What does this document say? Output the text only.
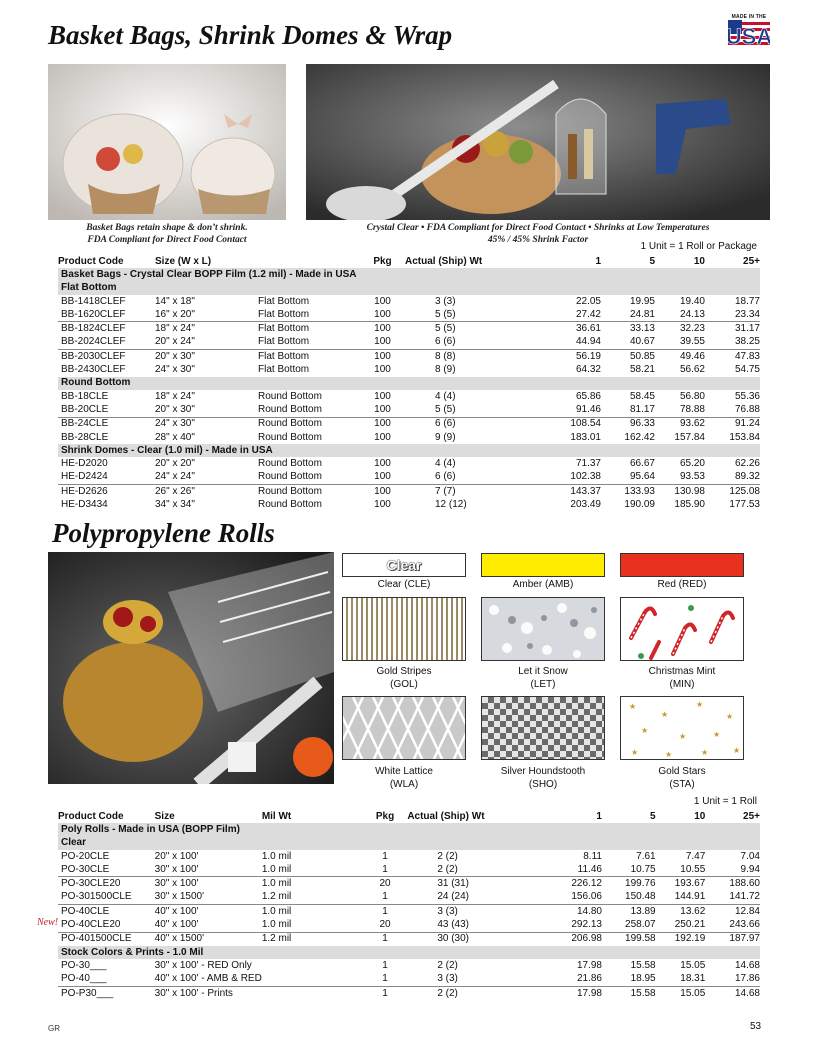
Basket Bags, Shrink Domes & Wrap
MADE IN THE
USA
Basket Bags retain shape & don’t shrink.
FDA Compliant for Direct Food Contact
Crystal Clear • FDA Compliant for Direct Food Contact • Shrinks at Low Temperatures
45% / 45% Shrink Factor
1 Unit = 1 Roll or Package
Product Code	Size (W x L)		Pkg	Actual (Ship) Wt	1	5	10	25+
Basket Bags - Crystal Clear BOPP Film (1.2 mil) - Made in USA								
Flat Bottom								
BB-1418CLEF	14" x 18"	Flat Bottom	100	3 (3)	22.05	19.95	19.40	18.77
BB-1620CLEF	16" x 20"	Flat Bottom	100	5 (5)	27.42	24.81	24.13	23.34
BB-1824CLEF	18" x 24"	Flat Bottom	100	5 (5)	36.61	33.13	32.23	31.17
BB-2024CLEF	20" x 24"	Flat Bottom	100	6 (6)	44.94	40.67	39.55	38.25
BB-2030CLEF	20" x 30"	Flat Bottom	100	8 (8)	56.19	50.85	49.46	47.83
BB-2430CLEF	24" x 30"	Flat Bottom	100	8 (9)	64.32	58.21	56.62	54.75
Round Bottom								
BB-18CLE	18" x 24"	Round Bottom	100	4 (4)	65.86	58.45	56.80	55.36
BB-20CLE	20" x 30"	Round Bottom	100	5 (5)	91.46	81.17	78.88	76.88
BB-24CLE	24" x 30"	Round Bottom	100	6 (6)	108.54	96.33	93.62	91.24
BB-28CLE	28" x 40"	Round Bottom	100	9 (9)	183.01	162.42	157.84	153.84
Shrink Domes - Clear (1.0 mil) - Made in USA								
HE-D2020	20" x 20"	Round Bottom	100	4 (4)	71.37	66.67	65.20	62.26
HE-D2424	24" x 24"	Round Bottom	100	6 (6)	102.38	95.64	93.53	89.32
HE-D2626	26" x 26"	Round Bottom	100	7 (7)	143.37	133.93	130.98	125.08
HE-D3434	34" x 34"	Round Bottom	100	12 (12)	203.49	190.09	185.90	177.53
Polypropylene Rolls
Clear
Clear (CLE)	Amber (AMB)	Red (RED)
Gold Stripes
(GOL)
Let it Snow
(LET)
Christmas Mint
(MIN)
White Lattice
(WLA)
Silver Houndstooth
(SHO)
★
★
★
★
★
★	★
★	★	★	★
Gold Stars
(STA)
1 Unit = 1 Roll
Product Code	Size	Mil Wt	Pkg	Actual (Ship) Wt	1	5	10	25+
Poly Rolls - Made in USA (BOPP Film)								
Clear								
PO-20CLE	20" x 100'	1.0 mil	1	2 (2)	8.11	7.61	7.47	7.04
PO-30CLE	30" x 100'	1.0 mil	1	2 (2)	11.46	10.75	10.55	9.94
PO-30CLE20	30" x 100'	1.0 mil	20	31 (31)	226.12	199.76	193.67	188.60
PO-301500CLE	30" x 1500'	1.2 mil	1	24 (24)	156.06	150.48	144.91	141.72
PO-40CLE	40" x 100'	1.0 mil	1	3 (3)	14.80	13.89	13.62	12.84
PO-40CLE20	40" x 100'	1.0 mil	20	43 (43)	292.13	258.07	250.21	243.66
PO-401500CLE	40" x 1500'	1.2 mil	1	30 (30)	206.98	199.58	192.19	187.97
Stock Colors & Prints - 1.0 Mil								
PO-30___	30" x 100' - RED Only		1	2 (2)	17.98	15.58	15.05	14.68
PO-40___	40" x 100' - AMB & RED		1	3 (3)	21.86	18.95	18.31	17.86
PO-P30___	30" x 100' - Prints		1	2 (2)	17.98	15.58	15.05	14.68
New!
GR	53
